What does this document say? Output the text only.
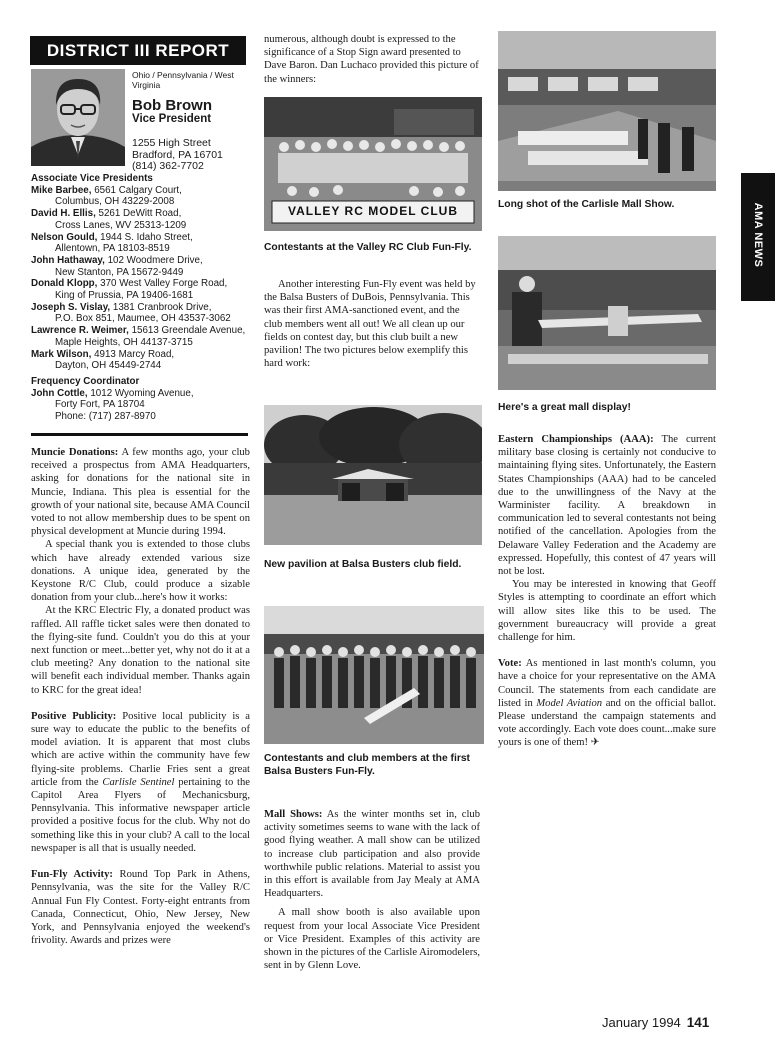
DISTRICT III REPORT
Ohio / Pennsylvania / West Virginia
Bob Brown
Vice President
1255 High Street
Bradford, PA 16701
(814) 362-7702
Associate Vice Presidents
Mike Barbee, 6561 Calgary Court,
Columbus, OH 43229-2008
David H. Ellis, 5261 DeWitt Road,
Cross Lanes, WV 25313-1209
Nelson Gould, 1944 S. Idaho Street,
Allentown, PA 18103-8519
John Hathaway, 102 Woodmere Drive,
New Stanton, PA 15672-9449
Donald Klopp, 370 West Valley Forge Road,
King of Prussia, PA 19406-1681
Joseph S. Vislay, 1381 Cranbrook Drive,
P.O. Box 851, Maumee, OH 43537-3062
Lawrence R. Weimer, 15613 Greendale Avenue,
Maple Heights, OH 44137-3715
Mark Wilson, 4913 Marcy Road,
Dayton, OH 45449-2744
Frequency Coordinator
John Cottle, 1012 Wyoming Avenue,
Forty Fort, PA 18704
Phone: (717) 287-8970

Muncie Donations: A few months ago, your club received a prospectus from AMA Headquarters, asking for donations for the national site in Muncie, Indiana. This plea is essential for the growth of your national site, because AMA Council voted to not allow membership dues to be spent on physical development at Muncie during 1994.

A special thank you is extended to those clubs which have already extended various size donations. A unique idea, generated by the Keystone R/C Club, could produce a sizable donation from your club...here's how it works:

At the KRC Electric Fly, a donated product was raffled. All raffle ticket sales were then donated to the flying-site fund. Couldn't you do this at your next function or meet...better yet, why not do it at a club meeting? Any donation to the national site will benefit each individual member. Thanks again to KRC for the great idea!

Positive Publicity: Positive local publicity is a sure way to educate the public to the benefits of model aviation. It is apparent that most clubs which are active within the community have few flying-site problems. Charlie Fries sent a great article from the Carlisle Sentinel pertaining to the Capitol Area Flyers of Mechanicsburg, Pennsylvania. This informative newspaper article provided a positive focus for the club. Why not do something like this in your club? A call to the local newspaper is all that is usually needed.

Fun-Fly Activity: Round Top Park in Athens, Pennsylvania, was the site for the Valley R/C Annual Fun Fly Contest. Forty-eight entrants from Canada, Connecticut, Ohio, New Jersey, New York, and Pennsylvania enjoyed the weekend's frivolity. Awards and prizes were

numerous, although doubt is expressed to the significance of a Stop Sign award presented to Dave Baron. Dan Luchaco provided this picture of the winners:
VALLEY RC MODEL CLUB
Contestants at the Valley RC Club Fun-Fly.
Another interesting Fun-Fly event was held by the Balsa Busters of DuBois, Pennsylvania. This was their first AMA-sanctioned event, and the club members went all out! We all clean up our fields on contest day, but this club built a new pavilion! The two pictures below exemplify this hard work:
New pavilion at Balsa Busters club field.
Contestants and club members at the first Balsa Busters Fun-Fly.

Mall Shows: As the winter months set in, club activity sometimes seems to wane with the lack of good flying weather. A mall show can be utilized to increase club participation and also provide worthwhile public relations. Material to assist you in this effort is available from Jay Mealy at AMA Headquarters.

A mall show booth is also available upon request from your local Associate Vice President or Vice President. Examples of this activity are shown in the pictures of the Carlisle Airomodelers, sent in by Glenn Love.

Long shot of the Carlisle Mall Show.
Here's a great mall display!

Eastern Championships (AAA): The current military base closing is certainly not conducive to maintaining flying sites. Unfortunately, the Eastern States Championships (AAA) had to be canceled due to the unwillingness of the Navy at the Warminister facility. A breakdown in communication led to several contestants not being notified of the cancellation. Apologies from the Delaware Valley Federation and the Academy are expressed. Hopefully, this contest of 47 years will not be lost.

You may be interested in knowing that Geoff Styles is attempting to coordinate an effort which will allow sites like this to be used. The government bureaucracy will provide a great challenge for him.

Vote: As mentioned in last month's column, you have a choice for your representative on the AMA Council. The statements from each candidate are listed in Model Aviation and on the official ballot. Please understand the campaign statements and vote accordingly. Each vote does count...make sure yours is one of them! ✈

AMA NEWS
January 1994 141
